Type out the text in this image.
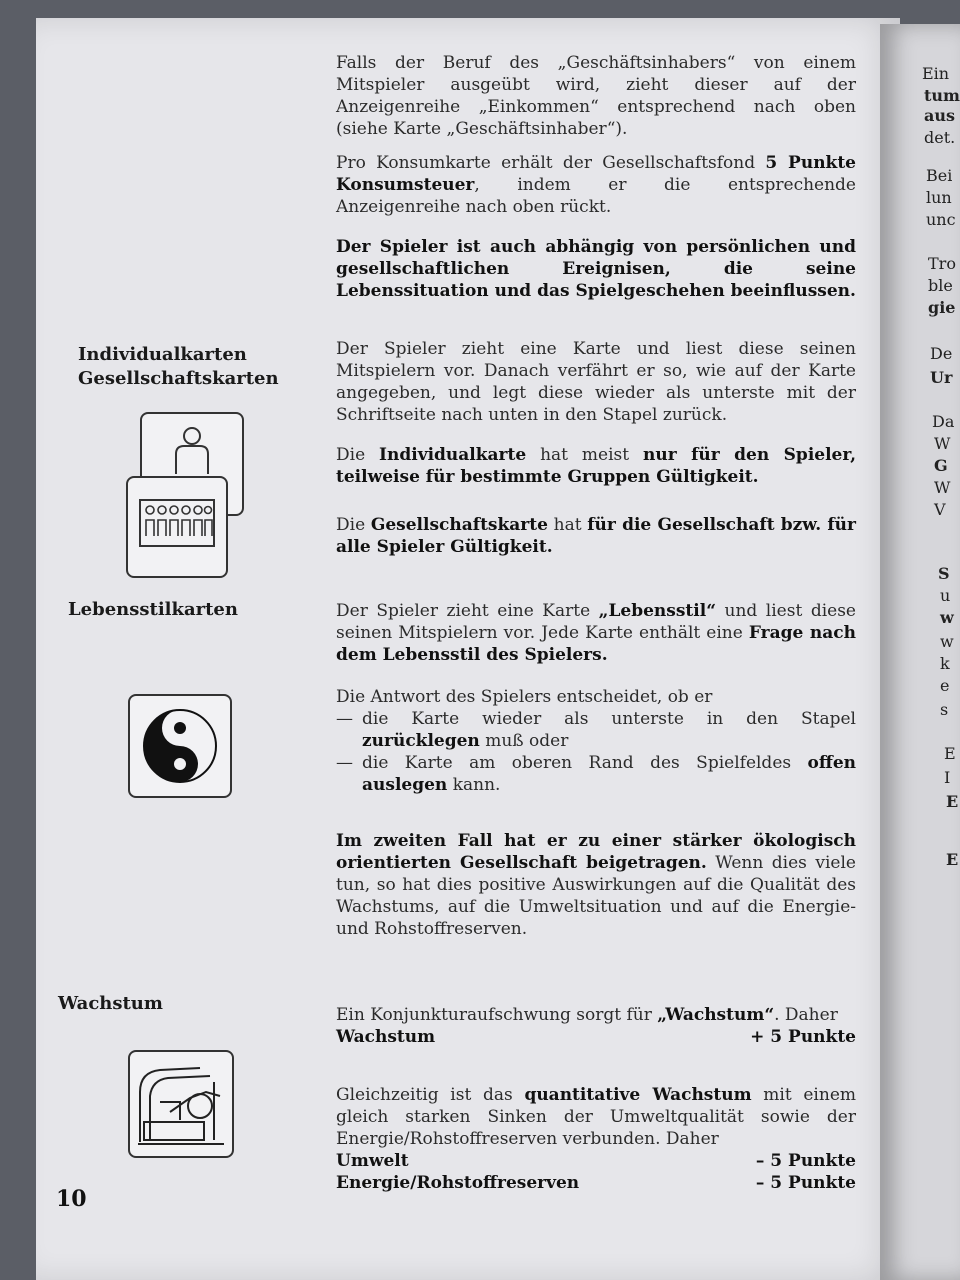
Ein
tum
aus
det.
Bei
lun
unc
Tro
ble
gie
De
Ur
Da
W
G
W
V
S
u
w
w
k
e
s
E
I
E
E
Individualkarten
Gesellschaftskarten
Lebensstilkarten
Wachstum
Falls der Beruf des „Geschäftsinhabers“ von einem Mitspieler ausgeübt wird, zieht dieser auf der Anzeigenreihe „Einkommen“ entsprechend nach oben (siehe Karte „Geschäftsinhaber“).
Pro Konsumkarte erhält der Gesellschaftsfond 5 Punkte Konsumsteuer, indem er die entsprechende Anzeigenreihe nach oben rückt.
Der Spieler ist auch abhängig von persönlichen und gesellschaftlichen Ereignisen, die seine Lebenssituation und das Spielgeschehen beeinflussen.
Der Spieler zieht eine Karte und liest diese seinen Mitspielern vor. Danach verfährt er so, wie auf der Karte angegeben, und legt diese wieder als unterste mit der Schriftseite nach unten in den Stapel zurück.
Die Individualkarte hat meist nur für den Spieler, teilweise für bestimmte Gruppen Gültigkeit.
Die Gesellschaftskarte hat für die Gesellschaft bzw. für alle Spieler Gültigkeit.
Der Spieler zieht eine Karte „Lebensstil“ und liest diese seinen Mitspielern vor. Jede Karte enthält eine Frage nach dem Lebensstil des Spielers.
Die Antwort des Spielers entscheidet, ob er
— die Karte wieder als unterste in den Stapel zurücklegen muß oder
— die Karte am oberen Rand des Spielfeldes offen auslegen kann.
Im zweiten Fall hat er zu einer stärker ökologisch orientierten Gesellschaft beigetragen. Wenn dies viele tun, so hat dies positive Auswirkungen auf die Qualität des Wachstums, auf die Umweltsituation und auf die Energie- und Rohstoffreserven.
Ein Konjunkturaufschwung sorgt für „Wachstum“. Daher
Wachstum	+ 5 Punkte
Gleichzeitig ist das quantitative Wachstum mit einem gleich starken Sinken der Umweltqualität sowie der Energie/Rohstoffreserven verbunden. Daher
Umwelt	– 5 Punkte
Energie/Rohstoffreserven	– 5 Punkte
10
